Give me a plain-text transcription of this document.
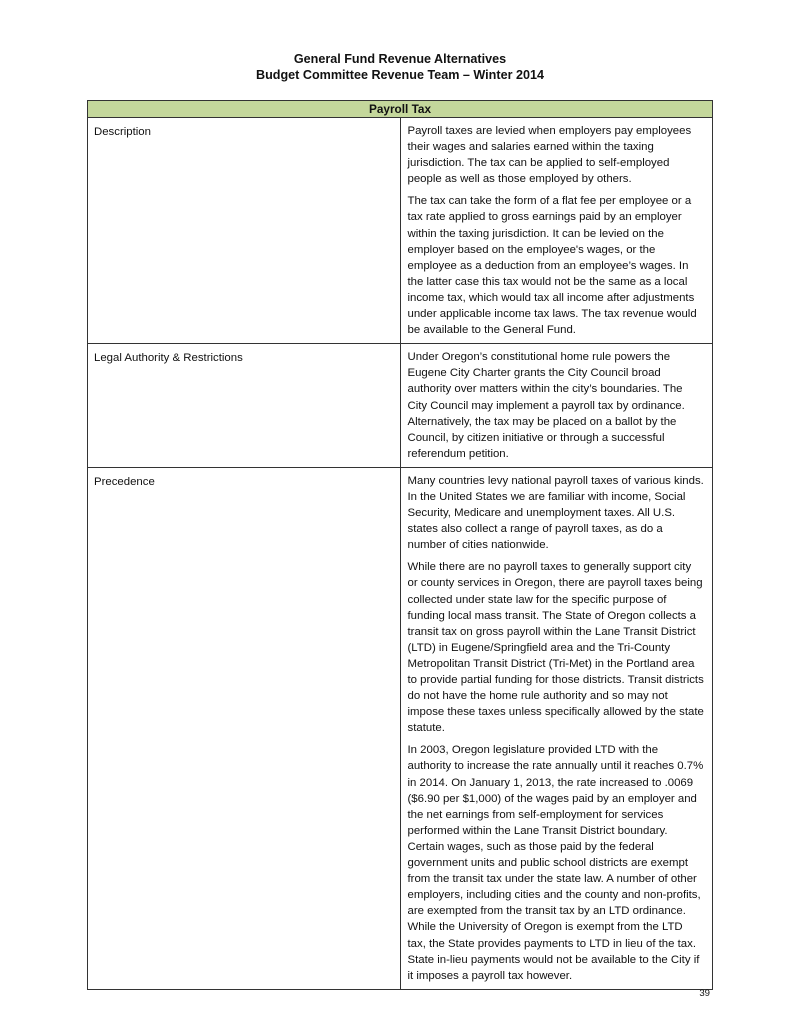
General Fund Revenue Alternatives
Budget Committee Revenue Team – Winter 2014
Payroll Tax	
Description	Payroll taxes are levied when employers pay employees their wages and salaries earned within the taxing jurisdiction. The tax can be applied to self-employed people as well as those employed by others.

The tax can take the form of a flat fee per employee or a tax rate applied to gross earnings paid by an employer within the taxing jurisdiction. It can be levied on the employer based on the employee's wages, or the employee as a deduction from an employee’s wages. In the latter case this tax would not be the same as a local income tax, which would tax all income after adjustments under applicable income tax laws. The tax revenue would be available to the General Fund.

Legal Authority & Restrictions	Under Oregon’s constitutional home rule powers the Eugene City Charter grants the City Council broad authority over matters within the city’s boundaries. The City Council may implement a payroll tax by ordinance. Alternatively, the tax may be placed on a ballot by the Council, by citizen initiative or through a successful referendum petition.

Precedence	Many countries levy national payroll taxes of various kinds. In the United States we are familiar with income, Social Security, Medicare and unemployment taxes. All U.S. states also collect a range of payroll taxes, as do a number of cities nationwide.

While there are no payroll taxes to generally support city or county services in Oregon, there are payroll taxes being collected under state law for the specific purpose of funding local mass transit. The State of Oregon collects a transit tax on gross payroll within the Lane Transit District (LTD) in Eugene/Springfield area and the Tri-County Metropolitan Transit District (Tri-Met) in the Portland area to provide partial funding for those districts. Transit districts do not have the home rule authority and so may not impose these taxes unless specifically allowed by the state statute.

In 2003, Oregon legislature provided LTD with the authority to increase the rate annually until it reaches 0.7% in 2014. On January 1, 2013, the rate increased to .0069 ($6.90 per $1,000) of the wages paid by an employer and the net earnings from self-employment for services performed within the Lane Transit District boundary. Certain wages, such as those paid by the federal government units and public school districts are exempt from the transit tax under the state law. A number of other employers, including cities and the county and non-profits, are exempted from the transit tax by an LTD ordinance. While the University of Oregon is exempt from the LTD tax, the State provides payments to LTD in lieu of the tax. State in-lieu payments would not be available to the City if it imposes a payroll tax however.

39
